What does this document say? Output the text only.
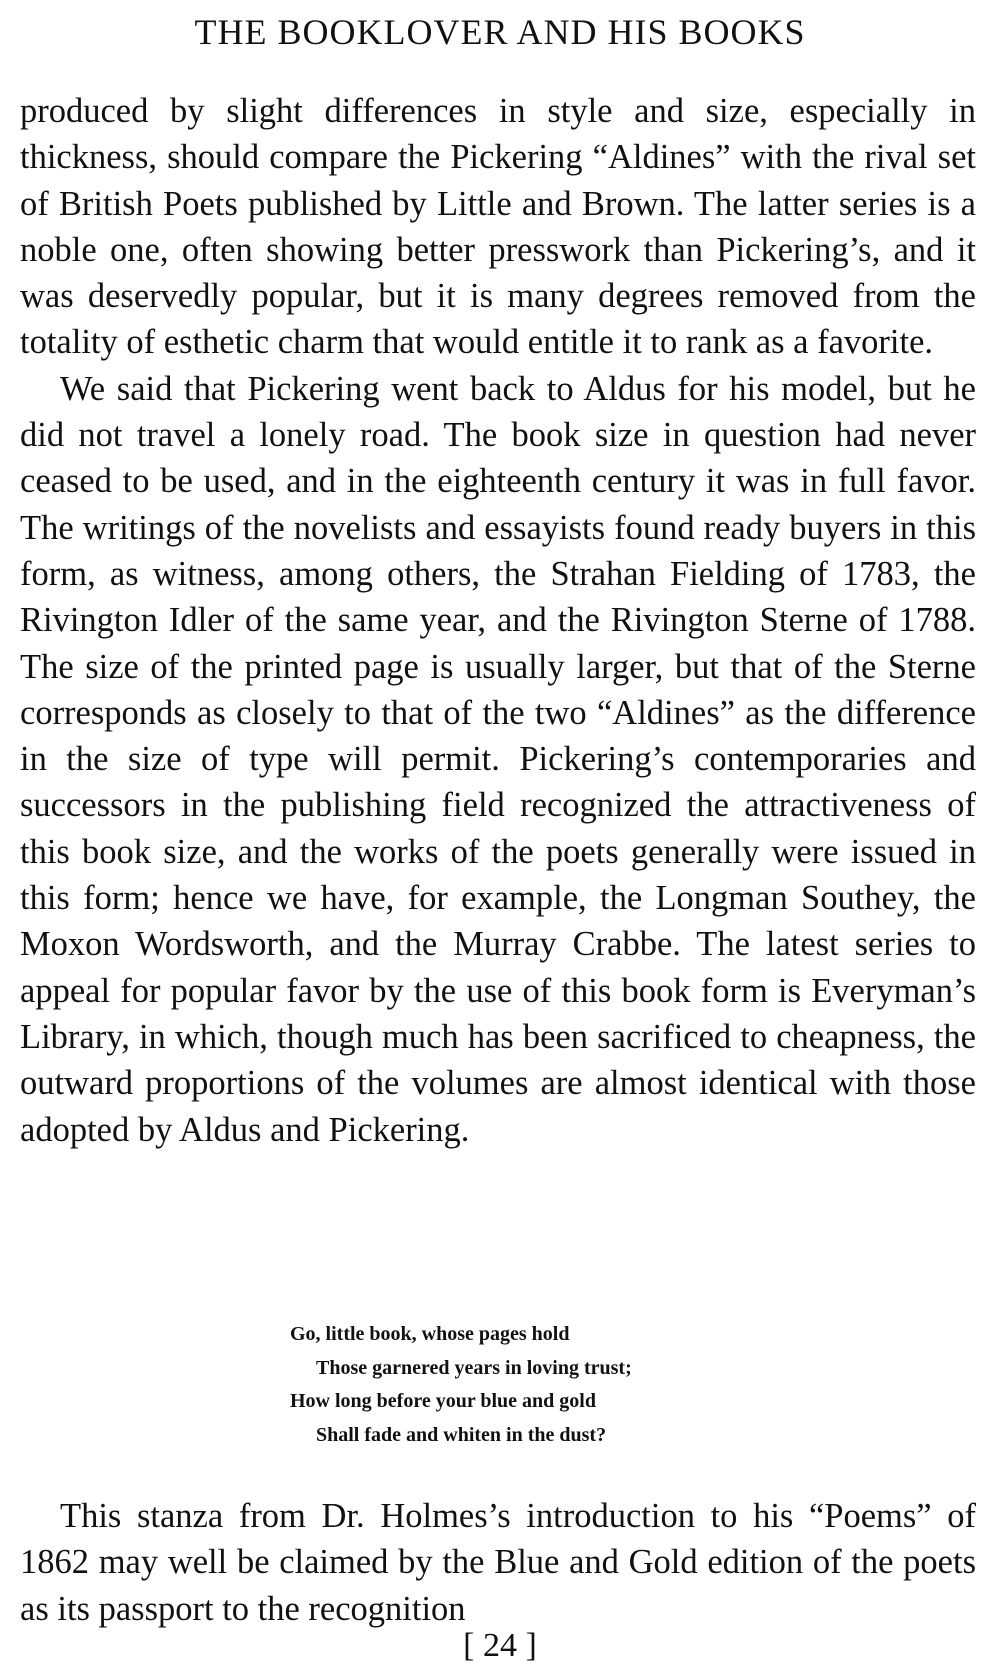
THE BOOKLOVER AND HIS BOOKS

produced by slight differences in style and size, especially in thickness, should compare the Pickering “Aldines” with the rival set of British Poets published by Little and Brown. The latter series is a noble one, often showing better presswork than Pickering’s, and it was deservedly popular, but it is many degrees removed from the totality of esthetic charm that would entitle it to rank as a favorite.

We said that Pickering went back to Aldus for his model, but he did not travel a lonely road. The book size in question had never ceased to be used, and in the eighteenth century it was in full favor. The writings of the novelists and essayists found ready buyers in this form, as witness, among others, the Strahan Fielding of 1783, the Rivington Idler of the same year, and the Rivington Sterne of 1788. The size of the printed page is usually larger, but that of the Sterne corresponds as closely to that of the two “Aldines” as the difference in the size of type will permit. Pickering’s contemporaries and successors in the publishing field recognized the attractiveness of this book size, and the works of the poets generally were issued in this form; hence we have, for example, the Longman Southey, the Moxon Wordsworth, and the Murray Crabbe. The latest series to appeal for popular favor by the use of this book form is Everyman’s Library, in which, though much has been sacrificed to cheapness, the outward proportions of the volumes are almost identical with those adopted by Aldus and Pickering.

Go, little book, whose pages hold
Those garnered years in loving trust;
How long before your blue and gold
Shall fade and whiten in the dust?

This stanza from Dr. Holmes’s introduction to his “Poems” of 1862 may well be claimed by the Blue and Gold edition of the poets as its passport to the recognition

[ 24 ]
